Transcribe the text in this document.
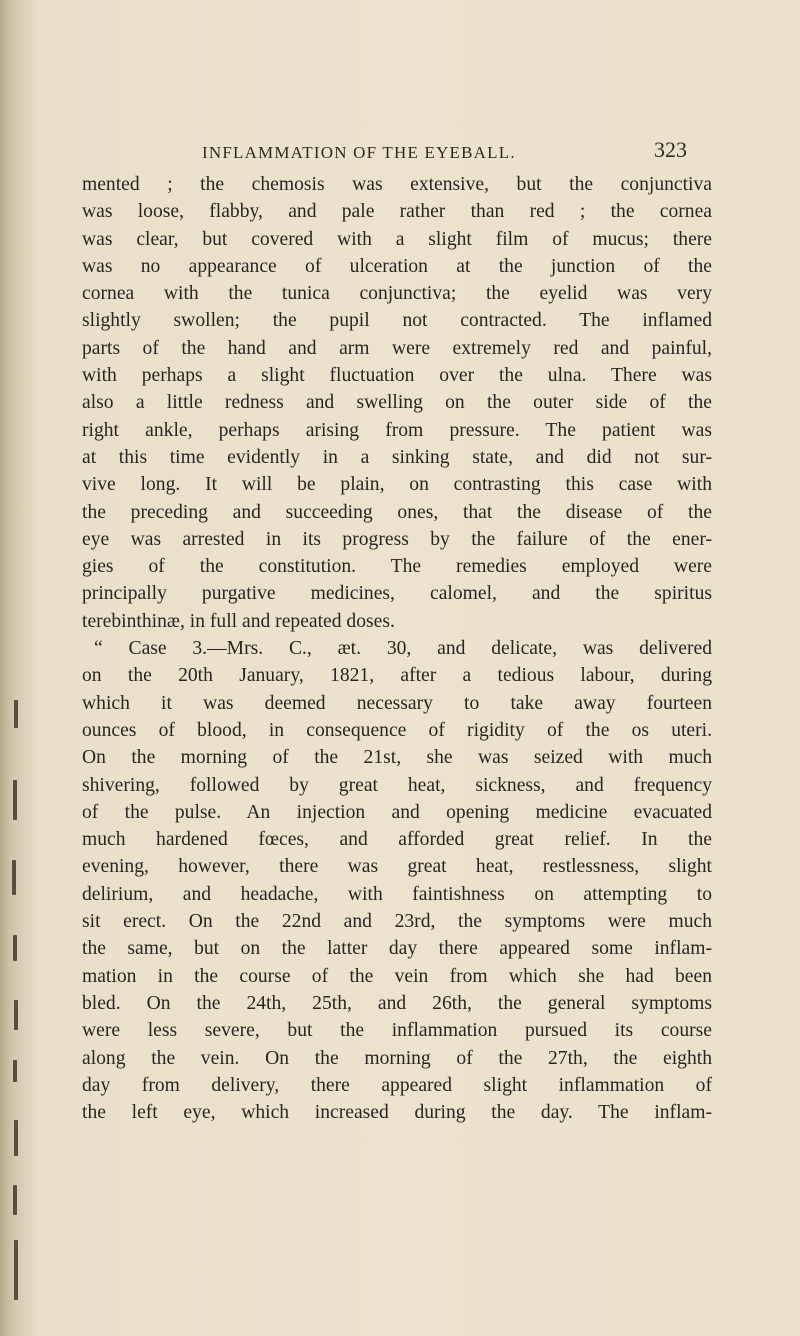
INFLAMMATION OF THE EYEBALL.	323
mented ; the chemosis was extensive, but the conjunctiva
was loose, flabby, and pale rather than red ; the cornea
was clear, but covered with a slight film of mucus; there
was no appearance of ulceration at the junction of the
cornea with the tunica conjunctiva; the eyelid was very
slightly swollen; the pupil not contracted. The inflamed
parts of the hand and arm were extremely red and painful,
with perhaps a slight fluctuation over the ulna. There was
also a little redness and swelling on the outer side of the
right ankle, perhaps arising from pressure. The patient was
at this time evidently in a sinking state, and did not sur-
vive long. It will be plain, on contrasting this case with
the preceding and succeeding ones, that the disease of the
eye was arrested in its progress by the failure of the ener-
gies of the constitution. The remedies employed were
principally purgative medicines, calomel, and the spiritus
terebinthinæ, in full and repeated doses.
“ Case 3.—Mrs. C., æt. 30, and delicate, was delivered
on the 20th January, 1821, after a tedious labour, during
which it was deemed necessary to take away fourteen
ounces of blood, in consequence of rigidity of the os uteri.
On the morning of the 21st, she was seized with much
shivering, followed by great heat, sickness, and frequency
of the pulse. An injection and opening medicine evacuated
much hardened fœces, and afforded great relief. In the
evening, however, there was great heat, restlessness, slight
delirium, and headache, with faintishness on attempting to
sit erect. On the 22nd and 23rd, the symptoms were much
the same, but on the latter day there appeared some inflam-
mation in the course of the vein from which she had been
bled. On the 24th, 25th, and 26th, the general symptoms
were less severe, but the inflammation pursued its course
along the vein. On the morning of the 27th, the eighth
day from delivery, there appeared slight inflammation of
the left eye, which increased during the day. The inflam-
